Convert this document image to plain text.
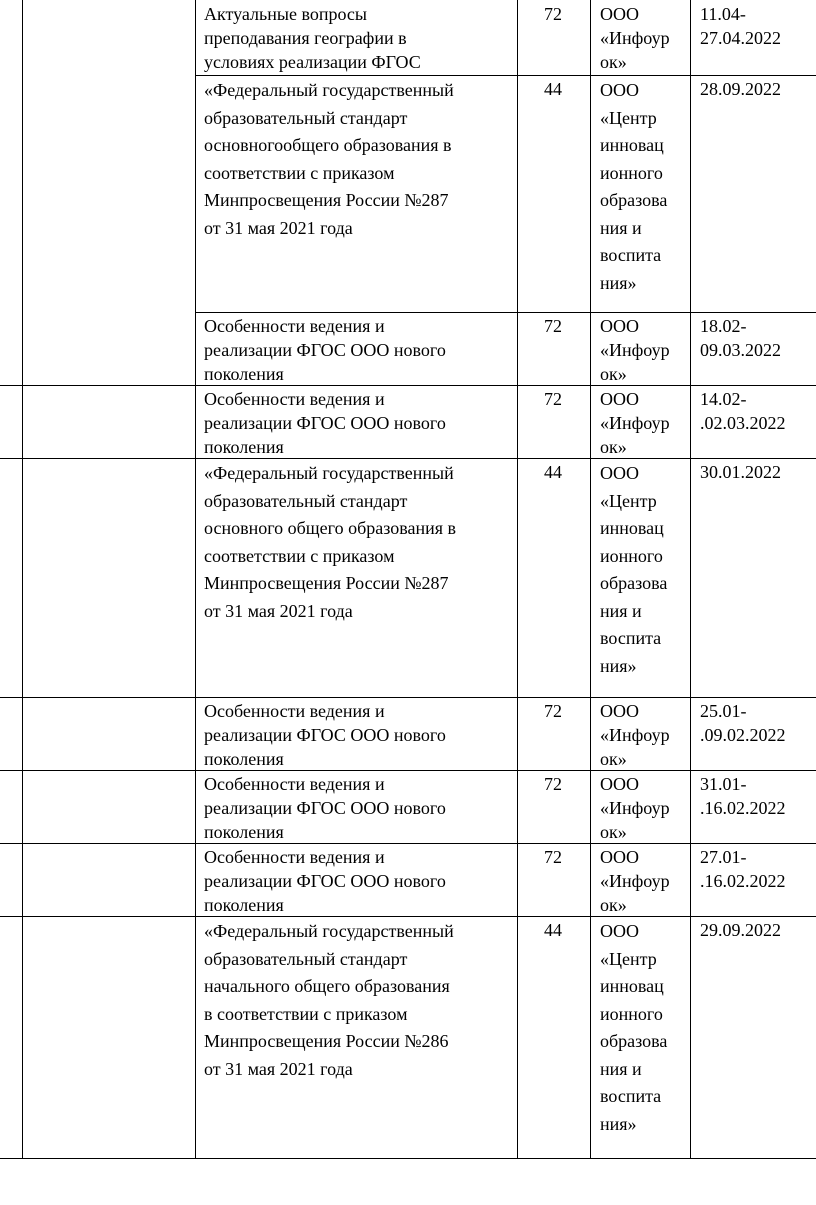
Актуальные вопросы
преподавания географии в
условиях реализации ФГОС
72 ООО
«Инфоур
ок»
11.04-
27.04.2022
«Федеральный государственный
образовательный стандарт
основногообщего образования в
соответствии с приказом
Минпросвещения России №287
от 31 мая 2021 года
44 ООО
«Центр
инновац
ионного
образова
ния и
воспита
ния»
28.09.2022
Особенности ведения и
реализации ФГОС ООО нового
поколения
72 ООО
«Инфоур
ок»
18.02-
09.03.2022
Особенности ведения и
реализации ФГОС ООО нового
поколения
72 ООО
«Инфоур
ок»
14.02-
.02.03.2022
«Федеральный государственный
образовательный стандарт
основного общего образования в
соответствии с приказом
Минпросвещения России №287
от 31 мая 2021 года
44 ООО
«Центр
инновац
ионного
образова
ния и
воспита
ния»
30.01.2022
Особенности ведения и
реализации ФГОС ООО нового
поколения
72 ООО
«Инфоур
ок»
25.01-
.09.02.2022
Особенности ведения и
реализации ФГОС ООО нового
поколения
72 ООО
«Инфоур
ок»
31.01-
.16.02.2022
Особенности ведения и
реализации ФГОС ООО нового
поколения
72 ООО
«Инфоур
ок»
27.01-
.16.02.2022
«Федеральный государственный
образовательный стандарт
начального общего образования
в соответствии с приказом
Минпросвещения России №286
от 31 мая 2021 года
44 ООО
«Центр
инновац
ионного
образова
ния и
воспита
ния»
29.09.2022
